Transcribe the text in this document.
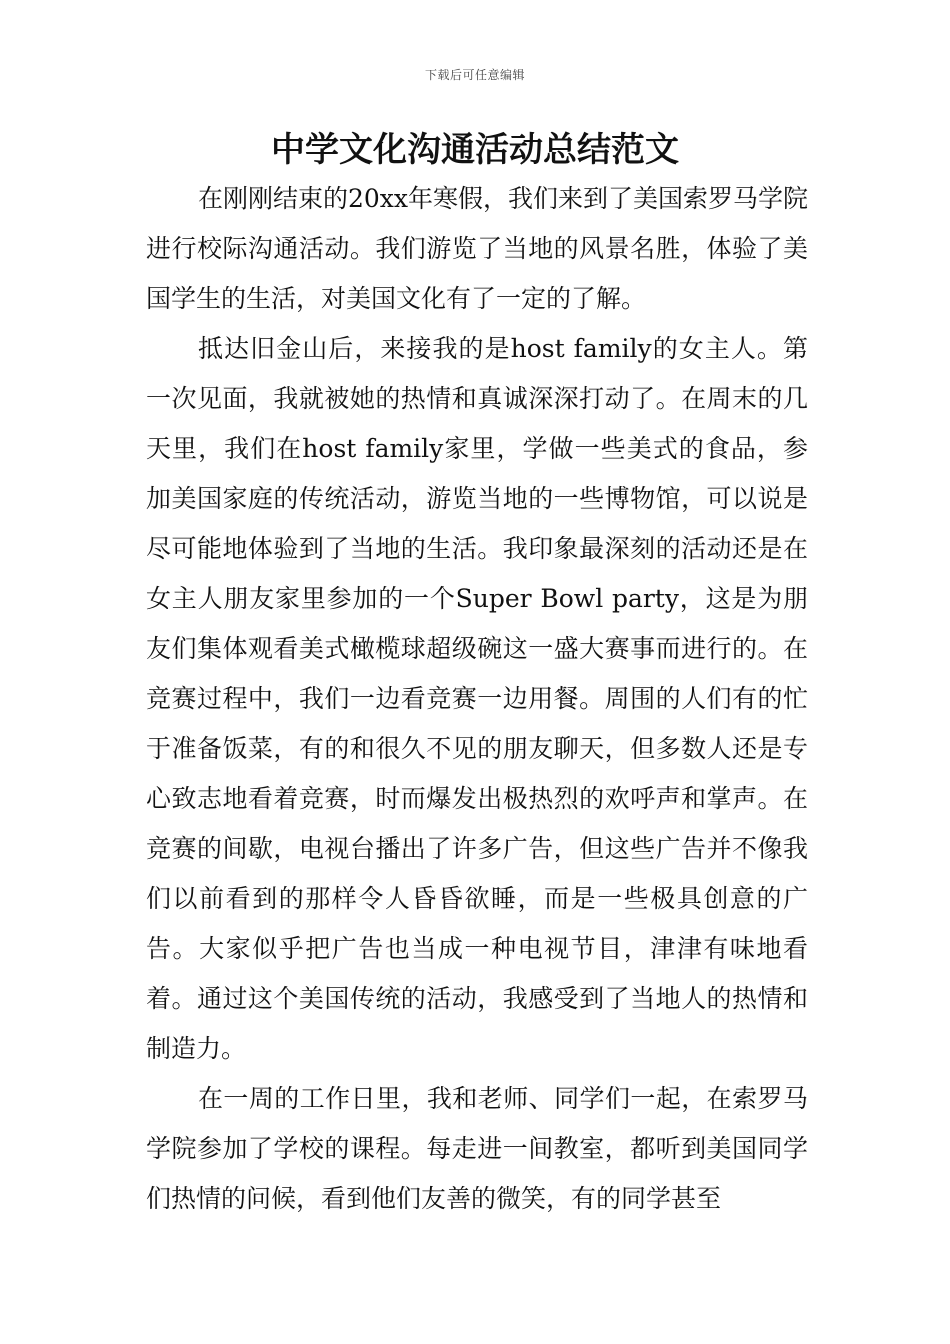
下载后可任意编辑
中学文化沟通活动总结范文

在刚刚结束的20xx年寒假，我们来到了美国索罗马学院进行校际沟通活动。我们游览了当地的风景名胜，体验了美国学生的生活，对美国文化有了一定的了解。

抵达旧金山后，来接我的是host family的女主人。第一次见面，我就被她的热情和真诚深深打动了。在周末的几天里，我们在host family家里，学做一些美式的食品，参加美国家庭的传统活动，游览当地的一些博物馆，可以说是尽可能地体验到了当地的生活。我印象最深刻的活动还是在女主人朋友家里参加的一个Super Bowl party，这是为朋友们集体观看美式橄榄球超级碗这一盛大赛事而进行的。在竞赛过程中，我们一边看竞赛一边用餐。周围的人们有的忙于准备饭菜，有的和很久不见的朋友聊天，但多数人还是专心致志地看着竞赛，时而爆发出极热烈的欢呼声和掌声。在竞赛的间歇，电视台播出了许多广告，但这些广告并不像我们以前看到的那样令人昏昏欲睡，而是一些极具创意的广告。大家似乎把广告也当成一种电视节目，津津有味地看着。通过这个美国传统的活动，我感受到了当地人的热情和制造力。

在一周的工作日里，我和老师、同学们一起，在索罗马学院参加了学校的课程。每走进一间教室，都听到美国同学们热情的问候，看到他们友善的微笑，有的同学甚至
